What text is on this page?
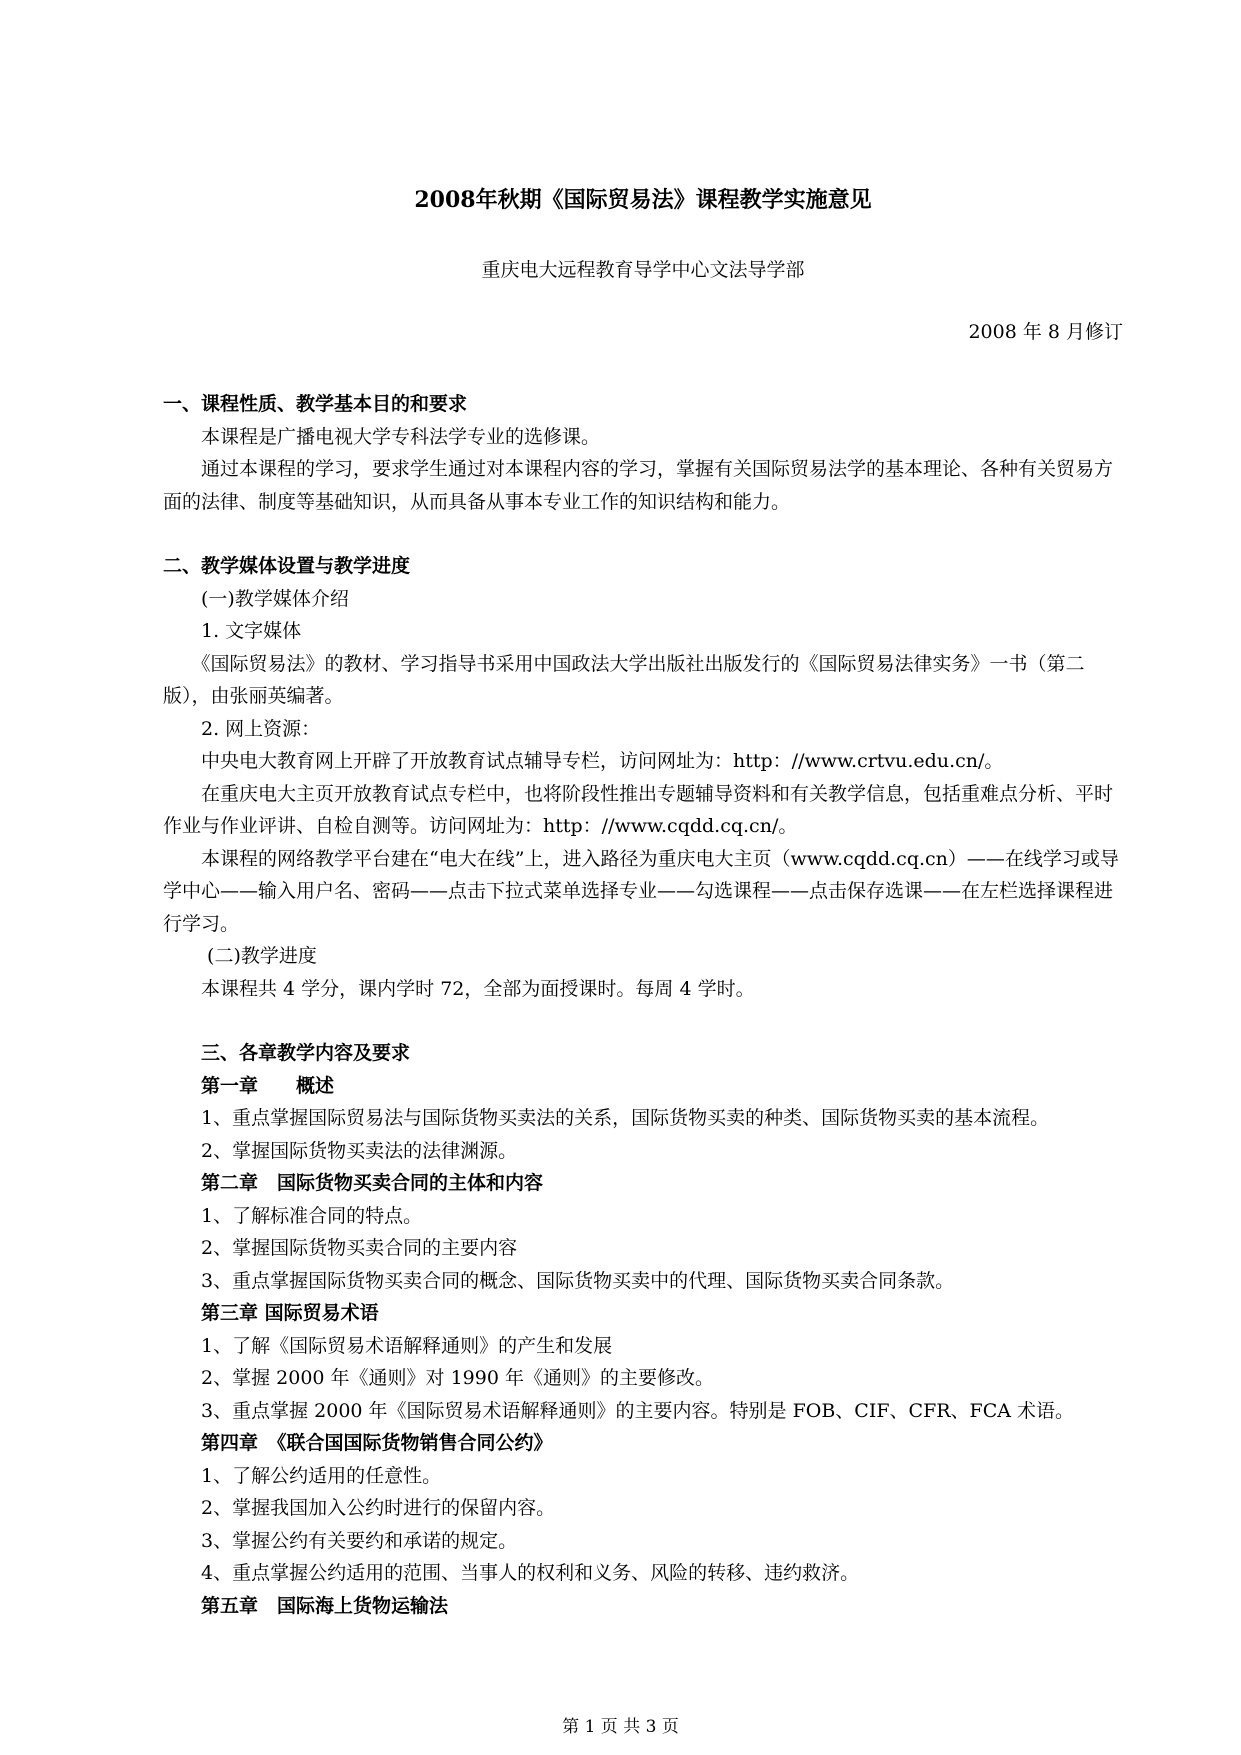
2008年秋期《国际贸易法》课程教学实施意见
重庆电大远程教育导学中心文法导学部
2008 年 8 月修订

一、课程性质、教学基本目的和要求

　　本课程是广播电视大学专科法学专业的选修课。

　　通过本课程的学习，要求学生通过对本课程内容的学习，掌握有关国际贸易法学的基本理论、各种有关贸易方面的法律、制度等基础知识，从而具备从事本专业工作的知识结构和能力。

二、教学媒体设置与教学进度

　　(一)教学媒体介绍

　　1. 文字媒体

　　《国际贸易法》的教材、学习指导书采用中国政法大学出版社出版发行的《国际贸易法律实务》一书（第二版），由张丽英编著。

　　2. 网上资源：

　　中央电大教育网上开辟了开放教育试点辅导专栏，访问网址为：http：//www.crtvu.edu.cn/。

　　在重庆电大主页开放教育试点专栏中，也将阶段性推出专题辅导资料和有关教学信息，包括重难点分析、平时作业与作业评讲、自检自测等。访问网址为：http：//www.cqdd.cq.cn/。

　　本课程的网络教学平台建在“电大在线”上，进入路径为重庆电大主页（www.cqdd.cq.cn）——在线学习或导学中心——输入用户名、密码——点击下拉式菜单选择专业——勾选课程——点击保存选课——在左栏选择课程进行学习。

　　 (二)教学进度

　　本课程共 4 学分，课内学时 72，全部为面授课时。每周 4 学时。

　　三、各章教学内容及要求

　　第一章　　概述

　　1、重点掌握国际贸易法与国际货物买卖法的关系，国际货物买卖的种类、国际货物买卖的基本流程。

　　2、掌握国际货物买卖法的法律渊源。

　　第二章　国际货物买卖合同的主体和内容

　　1、了解标准合同的特点。

　　2、掌握国际货物买卖合同的主要内容

　　3、重点掌握国际货物买卖合同的概念、国际货物买卖中的代理、国际货物买卖合同条款。

　　第三章 国际贸易术语

　　1、了解《国际贸易术语解释通则》的产生和发展

　　2、掌握 2000 年《通则》对 1990 年《通则》的主要修改。

　　3、重点掌握 2000 年《国际贸易术语解释通则》的主要内容。特别是 FOB、CIF、CFR、FCA 术语。

　　第四章　《联合国国际货物销售合同公约》

　　1、了解公约适用的任意性。

　　2、掌握我国加入公约时进行的保留内容。

　　3、掌握公约有关要约和承诺的规定。

　　4、重点掌握公约适用的范围、当事人的权利和义务、风险的转移、违约救济。

　　第五章　国际海上货物运输法

第 1 页 共 3 页
